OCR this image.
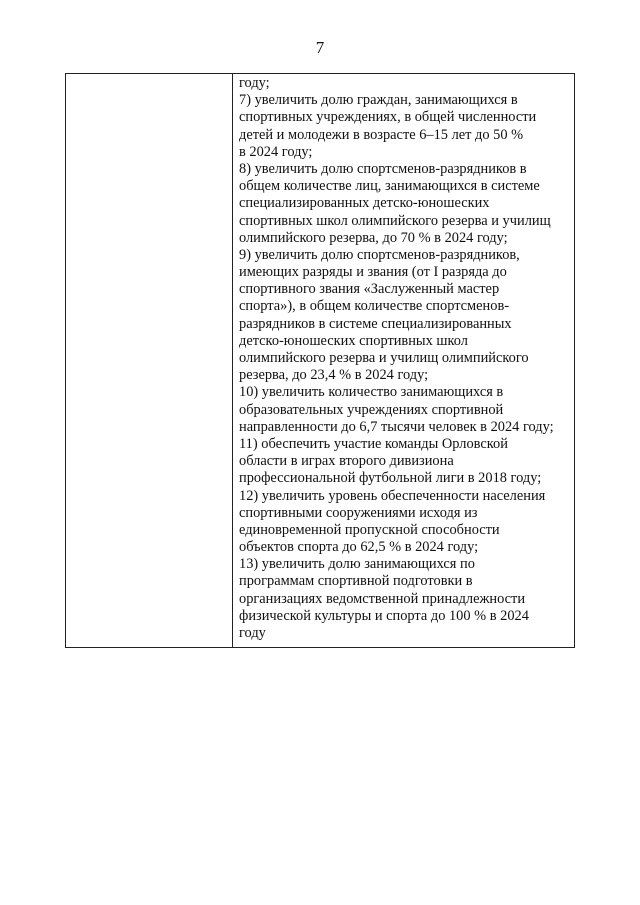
7
году;
7) увеличить долю граждан, занимающихся в
спортивных учреждениях, в общей численности
детей и молодежи в возрасте 6–15 лет до 50 %
в 2024 году;
8) увеличить долю спортсменов-разрядников в
общем количестве лиц, занимающихся в системе
специализированных детско-юношеских
спортивных школ олимпийского резерва и училищ
олимпийского резерва, до 70 % в 2024 году;
9) увеличить долю спортсменов-разрядников,
имеющих разряды и звания (от I разряда до
спортивного звания «Заслуженный мастер
спорта»), в общем количестве спортсменов-
разрядников в системе специализированных
детско-юношеских спортивных школ
олимпийского резерва и училищ олимпийского
резерва, до 23,4 % в 2024 году;
10) увеличить количество занимающихся в
образовательных учреждениях спортивной
направленности до 6,7 тысячи человек в 2024 году;
11) обеспечить участие команды Орловской
области в играх второго дивизиона
профессиональной футбольной лиги в 2018 году;
12) увеличить уровень обеспеченности населения
спортивными сооружениями исходя из
единовременной пропускной способности
объектов спорта до 62,5 % в 2024 году;
13) увеличить долю занимающихся по
программам спортивной подготовки в
организациях ведомственной принадлежности
физической культуры и спорта до 100 % в 2024
году
